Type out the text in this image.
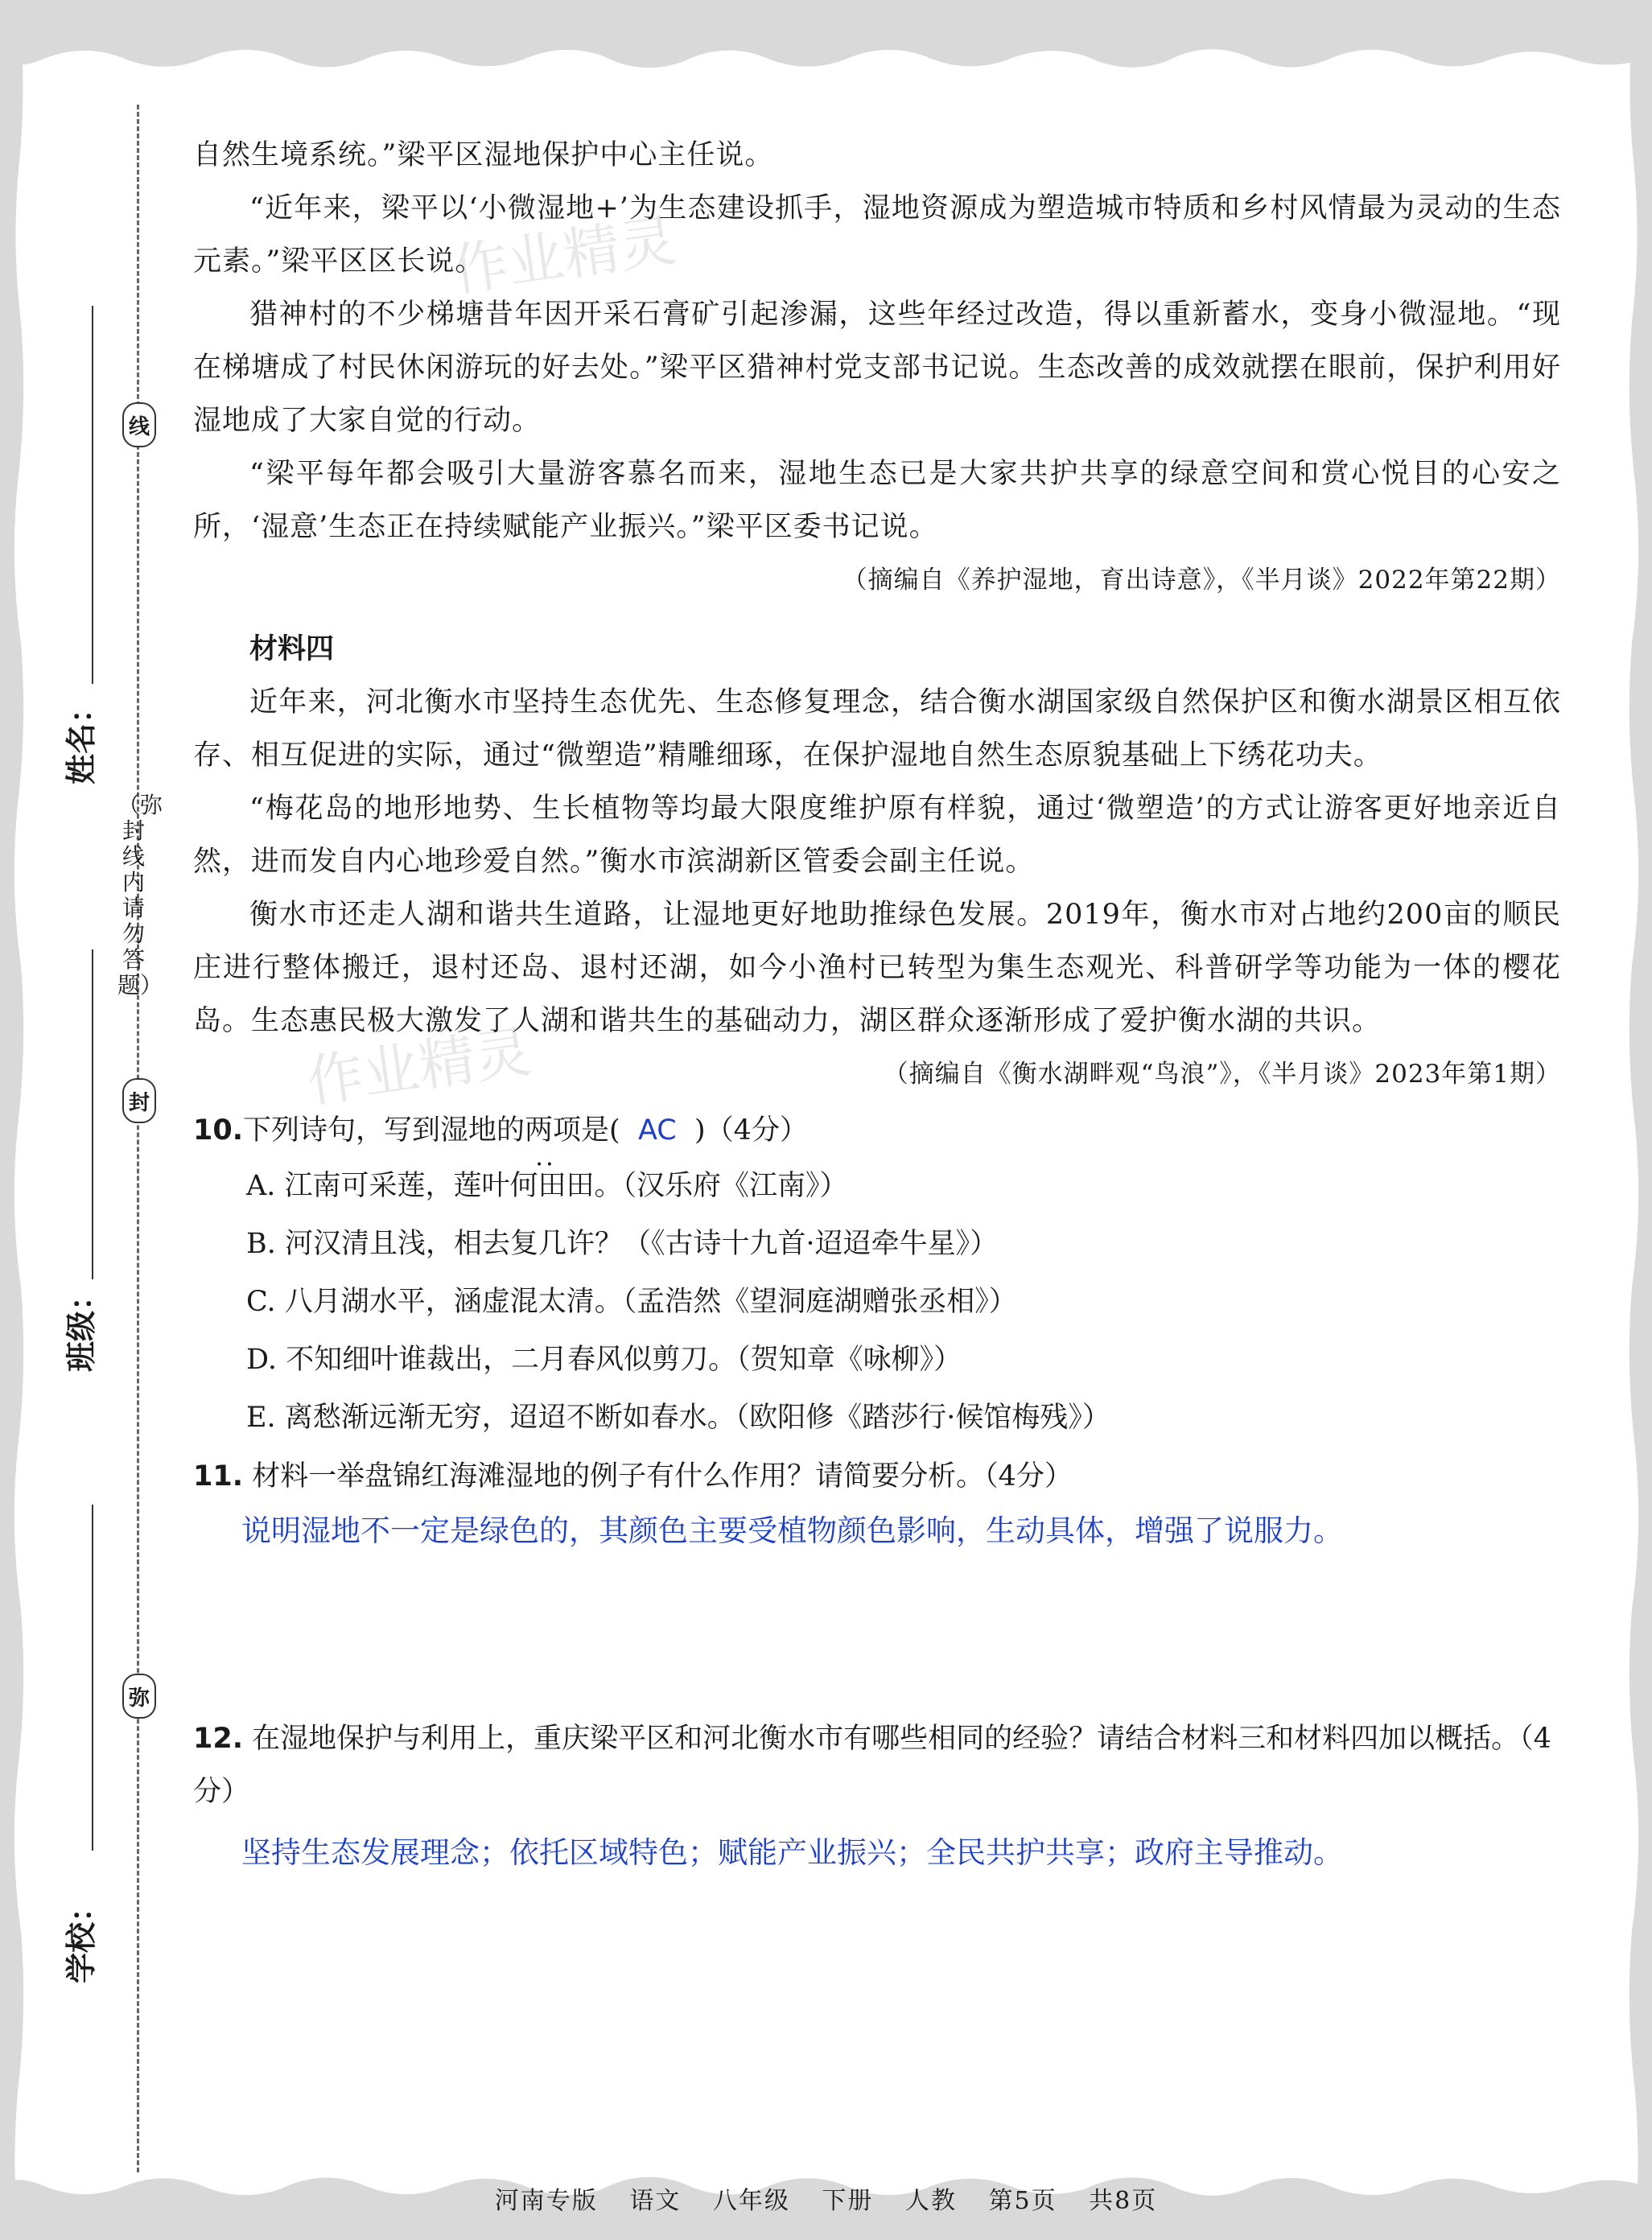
线
封
弥
姓名：
班级：
学校：
（弥封线内请勿答题）
作业精灵
作业精灵

自然生境系统。”梁平区湿地保护中心主任说。

“近年来，梁平以‘小微湿地+’为生态建设抓手，湿地资源成为塑造城市特质和乡村风情最为灵动的生态元素。”梁平区区长说。

猎神村的不少梯塘昔年因开采石膏矿引起渗漏，这些年经过改造，得以重新蓄水，变身小微湿地。“现在梯塘成了村民休闲游玩的好去处。”梁平区猎神村党支部书记说。生态改善的成效就摆在眼前，保护利用好湿地成了大家自觉的行动。

“梁平每年都会吸引大量游客慕名而来，湿地生态已是大家共护共享的绿意空间和赏心悦目的心安之所，‘湿意’生态正在持续赋能产业振兴。”梁平区委书记说。

（摘编自《养护湿地，育出诗意》，《半月谈》2022年第22期）

材料四

近年来，河北衡水市坚持生态优先、生态修复理念，结合衡水湖国家级自然保护区和衡水湖景区相互依存、相互促进的实际，通过“微塑造”精雕细琢，在保护湿地自然生态原貌基础上下绣花功夫。

“梅花岛的地形地势、生长植物等均最大限度维护原有样貌，通过‘微塑造’的方式让游客更好地亲近自然，进而发自内心地珍爱自然。”衡水市滨湖新区管委会副主任说。

衡水市还走人湖和谐共生道路，让湿地更好地助推绿色发展。2019年，衡水市对占地约200亩的顺民庄进行整体搬迁，退村还岛、退村还湖，如今小渔村已转型为集生态观光、科普研学等功能为一体的樱花岛。生态惠民极大激发了人湖和谐共生的基础动力，湖区群众逐渐形成了爱护衡水湖的共识。

（摘编自《衡水湖畔观“鸟浪”》，《半月谈》2023年第1期）

10.下列诗句，写到湿地的两项 • •是( AC )（4分）
A. 江南可采莲，莲叶何田田。（汉乐府《江南》）
B. 河汉清且浅，相去复几许？（《古诗十九首·迢迢牵牛星》）
C. 八月湖水平，涵虚混太清。（孟浩然《望洞庭湖赠张丞相》）
D. 不知细叶谁裁出，二月春风似剪刀。（贺知章《咏柳》）
E. 离愁渐远渐无穷，迢迢不断如春水。（欧阳修《踏莎行·候馆梅残》）
11. 材料一举盘锦红海滩湿地的例子有什么作用？请简要分析。（4分）
说明湿地不一定是绿色的，其颜色主要受植物颜色影响，生动具体，增强了说服力。
12. 在湿地保护与利用上，重庆梁平区和河北衡水市有哪些相同的经验？请结合材料三和材料四加以概括。（4分）
坚持生态发展理念；依托区域特色；赋能产业振兴；全民共护共享；政府主导推动。
河南专版 语文 八年级 下册 人教 第5页 共8页
